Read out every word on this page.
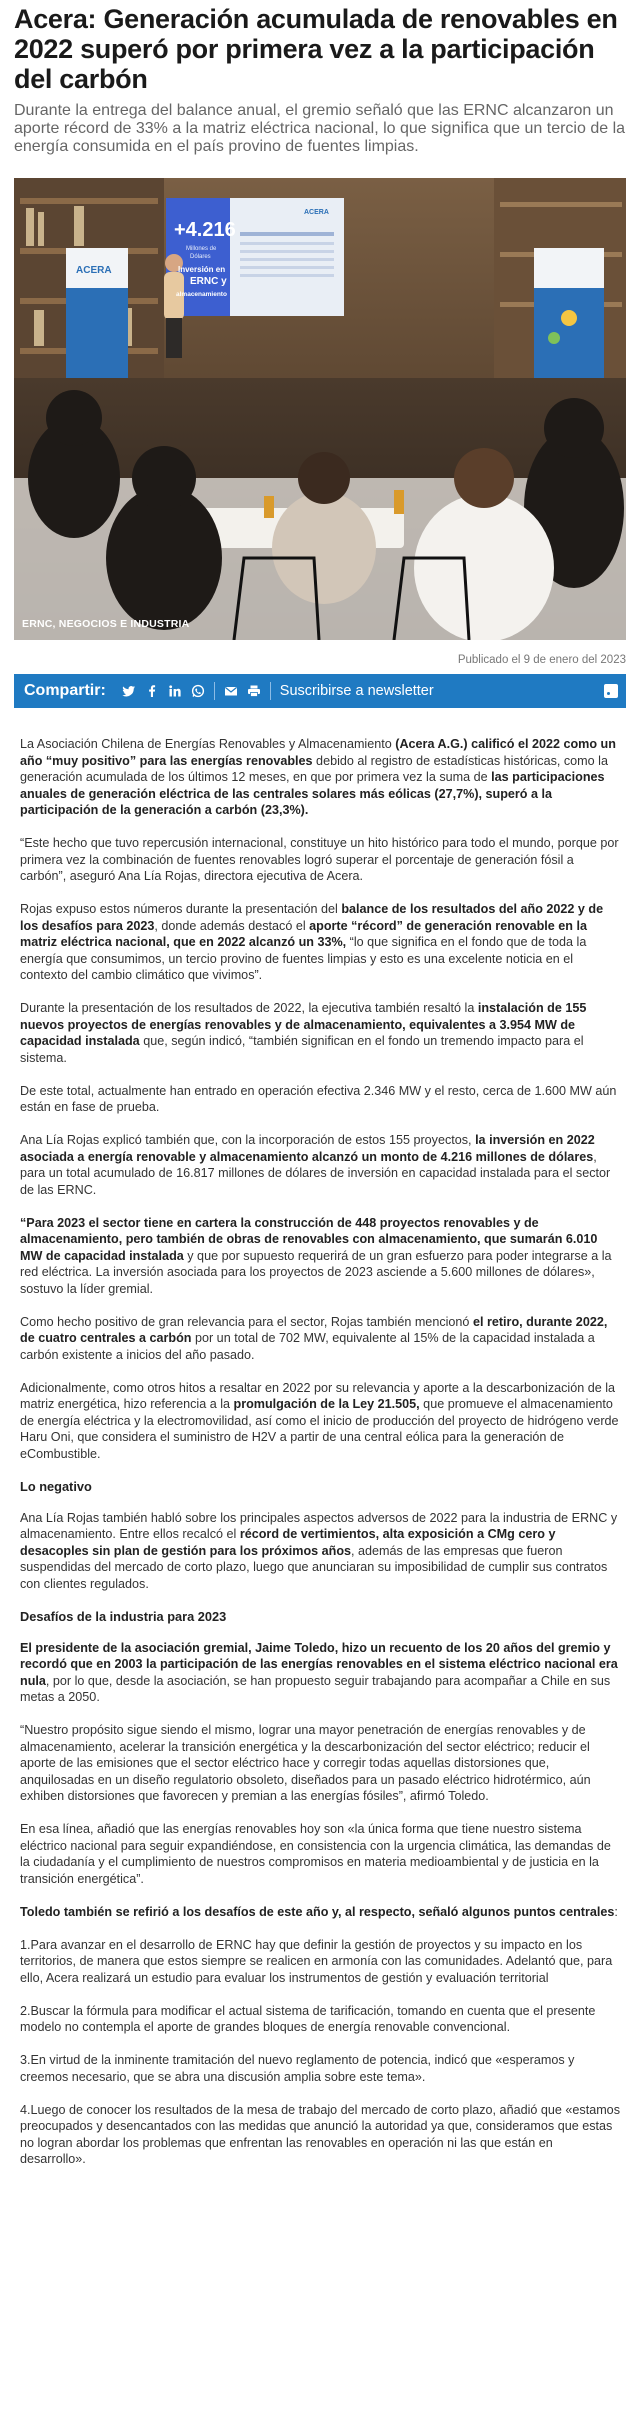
Acera: Generación acumulada de renovables en 2022 superó por primera vez a la participación del carbón

Durante la entrega del balance anual, el gremio señaló que las ERNC alcanzaron un aporte récord de 33% a la matriz eléctrica nacional, lo que significa que un tercio de la energía consumida en el país provino de fuentes limpias.

+4.216
Millones de
Dólares
Inversión en
ERNC y
almacenamiento
ACERA
ACERA
ERNC, NEGOCIOS E INDUSTRIA
Publicado el 9 de enero del 2023
Compartir:	Suscribirse a newsletter

La Asociación Chilena de Energías Renovables y Almacenamiento (Acera A.G.) calificó el 2022 como un año “muy positivo” para las energías renovables debido al registro de estadísticas históricas, como la generación acumulada de los últimos 12 meses, en que por primera vez la suma de las participaciones anuales de generación eléctrica de las centrales solares más eólicas (27,7%), superó a la participación de la generación a carbón (23,3%).

“Este hecho que tuvo repercusión internacional, constituye un hito histórico para todo el mundo, porque por primera vez la combinación de fuentes renovables logró superar el porcentaje de generación fósil a carbón”, aseguró Ana Lía Rojas, directora ejecutiva de Acera.

Rojas expuso estos números durante la presentación del balance de los resultados del año 2022 y de los desafíos para 2023, donde además destacó el aporte “récord” de generación renovable en la matriz eléctrica nacional, que en 2022 alcanzó un 33%, “lo que significa en el fondo que de toda la energía que consumimos, un tercio provino de fuentes limpias y esto es una excelente noticia en el contexto del cambio climático que vivimos”.

Durante la presentación de los resultados de 2022, la ejecutiva también resaltó la instalación de 155 nuevos proyectos de energías renovables y de almacenamiento, equivalentes a 3.954 MW de capacidad instalada que, según indicó, “también significan en el fondo un tremendo impacto para el sistema.

De este total, actualmente han entrado en operación efectiva 2.346 MW y el resto, cerca de 1.600 MW aún están en fase de prueba.

Ana Lía Rojas explicó también que, con la incorporación de estos 155 proyectos, la inversión en 2022 asociada a energía renovable y almacenamiento alcanzó un monto de 4.216 millones de dólares, para un total acumulado de 16.817 millones de dólares de inversión en capacidad instalada para el sector de las ERNC.

“Para 2023 el sector tiene en cartera la construcción de 448 proyectos renovables y de almacenamiento, pero también de obras de renovables con almacenamiento, que sumarán 6.010 MW de capacidad instalada y que por supuesto requerirá de un gran esfuerzo para poder integrarse a la red eléctrica. La inversión asociada para los proyectos de 2023 asciende a 5.600 millones de dólares», sostuvo la líder gremial.

Como hecho positivo de gran relevancia para el sector, Rojas también mencionó el retiro, durante 2022, de cuatro centrales a carbón por un total de 702 MW, equivalente al 15% de la capacidad instalada a carbón existente a inicios del año pasado.

Adicionalmente, como otros hitos a resaltar en 2022 por su relevancia y aporte a la descarbonización de la matriz energética, hizo referencia a la promulgación de la Ley 21.505, que promueve el almacenamiento de energía eléctrica y la electromovilidad, así como el inicio de producción del proyecto de hidrógeno verde Haru Oni, que considera el suministro de H2V a partir de una central eólica para la generación de eCombustible.

Lo negativo

Ana Lía Rojas también habló sobre los principales aspectos adversos de 2022 para la industria de ERNC y almacenamiento. Entre ellos recalcó el récord de vertimientos, alta exposición a CMg cero y desacoples sin plan de gestión para los próximos años, además de las empresas que fueron suspendidas del mercado de corto plazo, luego que anunciaran su imposibilidad de cumplir sus contratos con clientes regulados.

Desafíos de la industria para 2023

El presidente de la asociación gremial, Jaime Toledo, hizo un recuento de los 20 años del gremio y recordó que en 2003 la participación de las energías renovables en el sistema eléctrico nacional era nula, por lo que, desde la asociación, se han propuesto seguir trabajando para acompañar a Chile en sus metas a 2050.

“Nuestro propósito sigue siendo el mismo, lograr una mayor penetración de energías renovables y de almacenamiento, acelerar la transición energética y la descarbonización del sector eléctrico; reducir el aporte de las emisiones que el sector eléctrico hace y corregir todas aquellas distorsiones que, anquilosadas en un diseño regulatorio obsoleto, diseñados para un pasado eléctrico hidrotérmico, aún exhiben distorsiones que favorecen y premian a las energías fósiles”, afirmó Toledo.

En esa línea, añadió que las energías renovables hoy son «la única forma que tiene nuestro sistema eléctrico nacional para seguir expandiéndose, en consistencia con la urgencia climática, las demandas de la ciudadanía y el cumplimiento de nuestros compromisos en materia medioambiental y de justicia en la transición energética”.

Toledo también se refirió a los desafíos de este año y, al respecto, señaló algunos puntos centrales:

1.Para avanzar en el desarrollo de ERNC hay que definir la gestión de proyectos y su impacto en los territorios, de manera que estos siempre se realicen en armonía con las comunidades. Adelantó que, para ello, Acera realizará un estudio para evaluar los instrumentos de gestión y evaluación territorial

2.Buscar la fórmula para modificar el actual sistema de tarificación, tomando en cuenta que el presente modelo no contempla el aporte de grandes bloques de energía renovable convencional.

3.En virtud de la inminente tramitación del nuevo reglamento de potencia, indicó que «esperamos y creemos necesario, que se abra una discusión amplia sobre este tema».

4.Luego de conocer los resultados de la mesa de trabajo del mercado de corto plazo, añadió que «estamos preocupados y desencantados con las medidas que anunció la autoridad ya que, consideramos que estas no logran abordar los problemas que enfrentan las renovables en operación ni las que están en desarrollo».
